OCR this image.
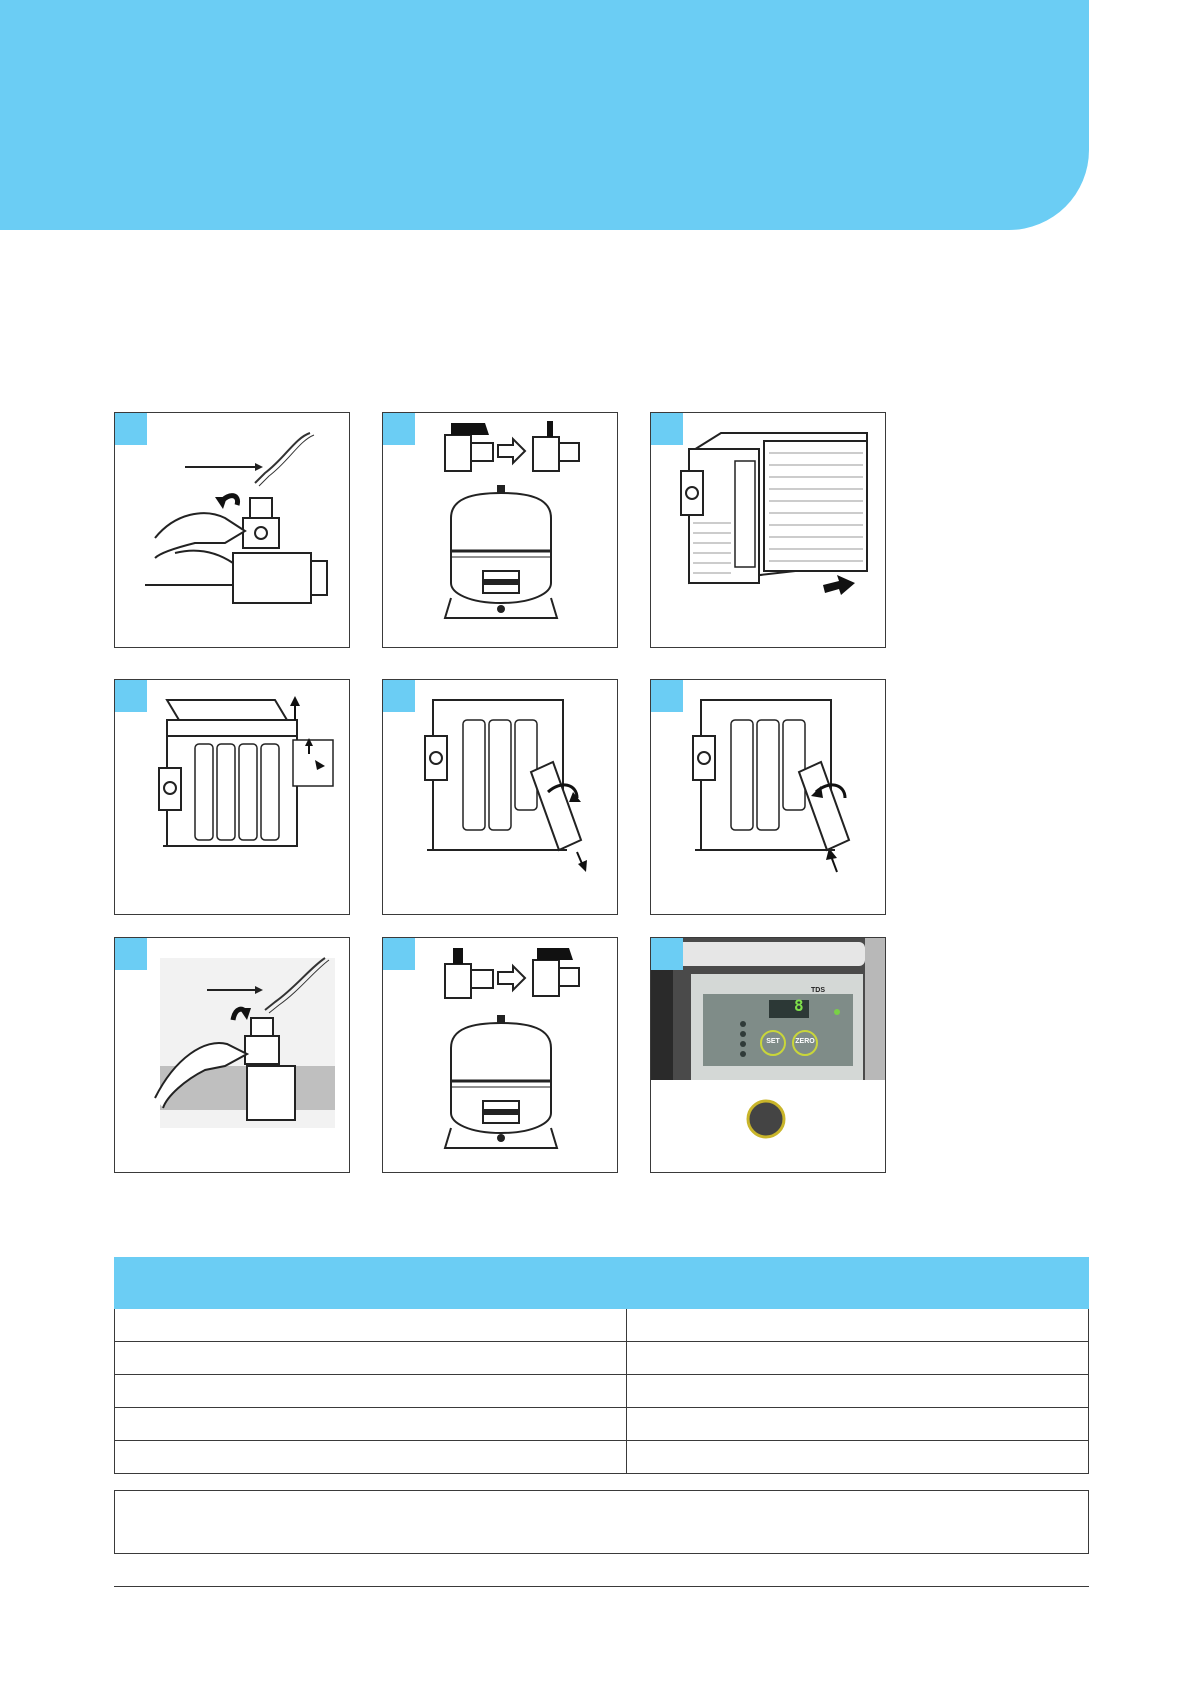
TDS
8
SET	ZERO
